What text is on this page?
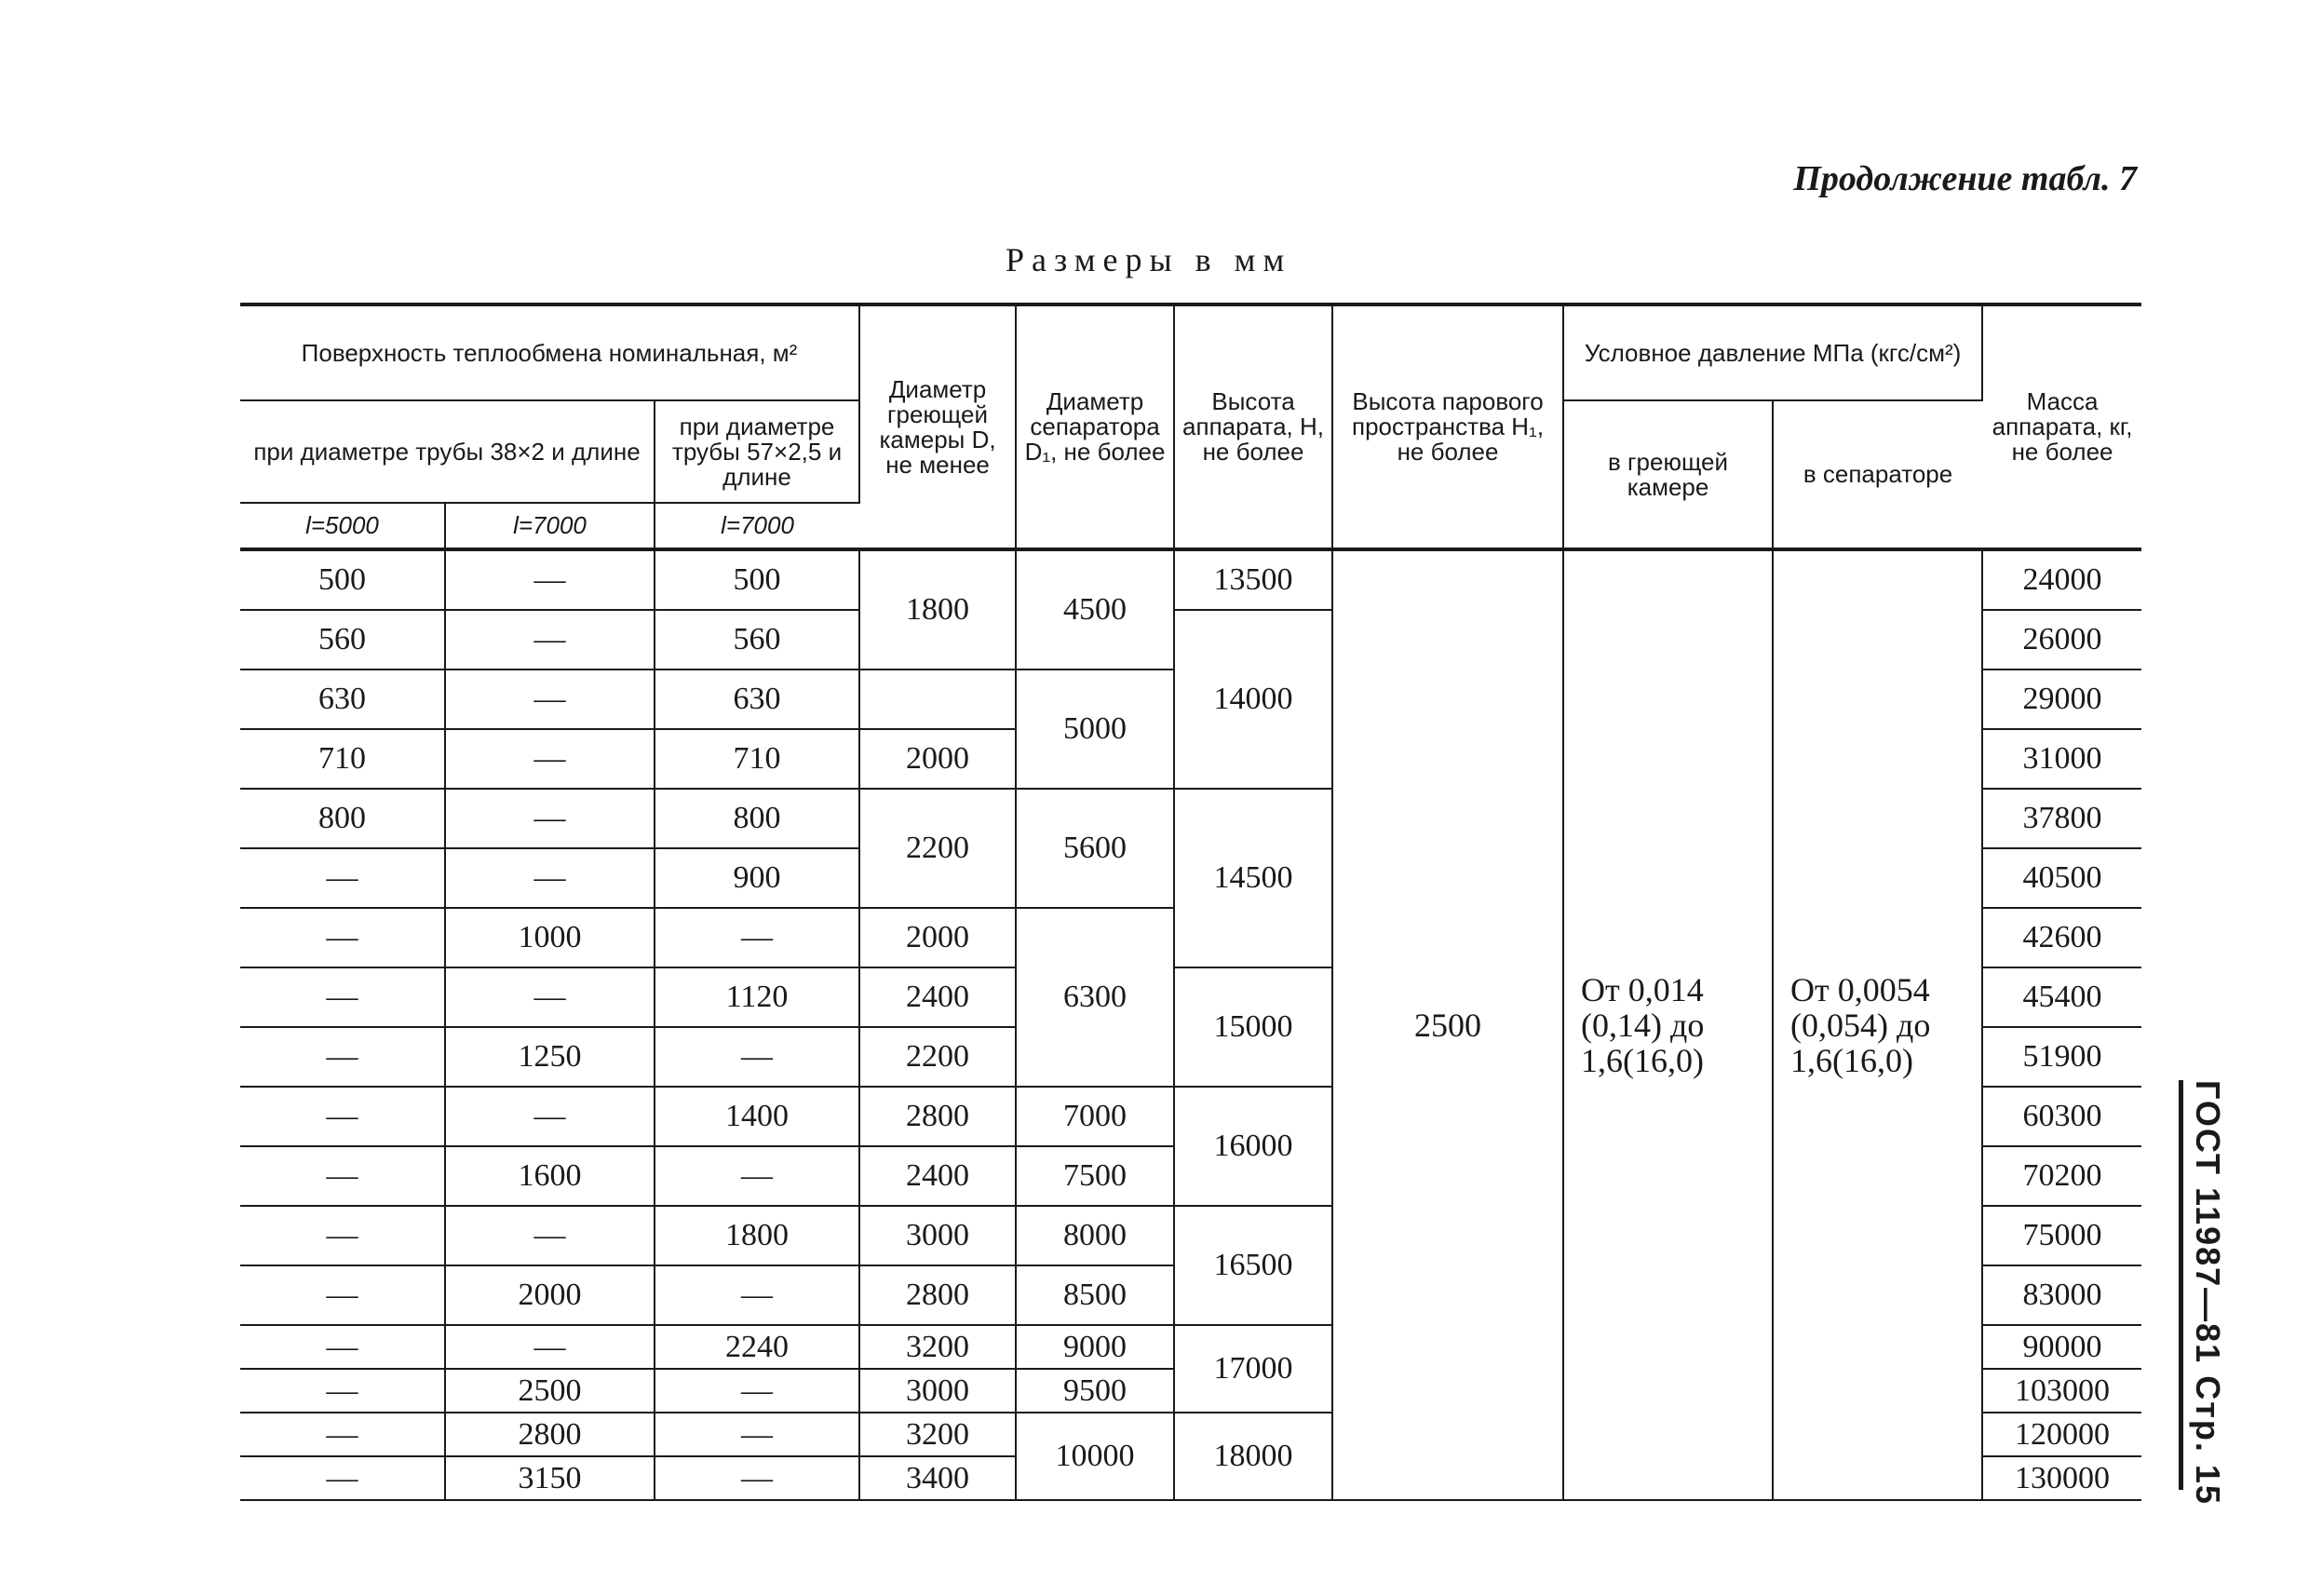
Продолжение табл. 7
Размеры в мм
ГОСТ 11987—81 Стр. 15
Поверхность теплообмена номинальная, м²			Диаметр греющей камеры D, не менее	Диаметр сепаратора D₁, не более	Высота аппарата, H, не более	Высота парового пространства H₁, не более	Условное давление МПа (кгс/см²)		Масса аппарата, кг, не более
при диаметре трубы 38×2 и длине		при диаметре трубы 57×2,5 и длине					в греющей камере	в сепараторе	
l=5000	l=7000	l=7000							
500	—	500	1800	4500	13500	2500	От 0,014 (0,14) до 1,6(16,0)	От 0,0054 (0,054) до 1,6(16,0)	24000
560	—	560			14000				26000
630	—	630		5000					29000
710	—	710	2000						31000
800	—	800	2200	5600	14500				37800
—	—	900							40500
—	1000	—	2000	6300					42600
—	—	1120	2400		15000				45400
—	1250	—	2200						51900
—	—	1400	2800	7000	16000				60300
—	1600	—	2400	7500					70200
—	—	1800	3000	8000	16500				75000
—	2000	—	2800	8500					83000
—	—	2240	3200	9000	17000				90000
—	2500	—	3000	9500					103000
—	2800	—	3200	10000	18000				120000
—	3150	—	3400						130000
